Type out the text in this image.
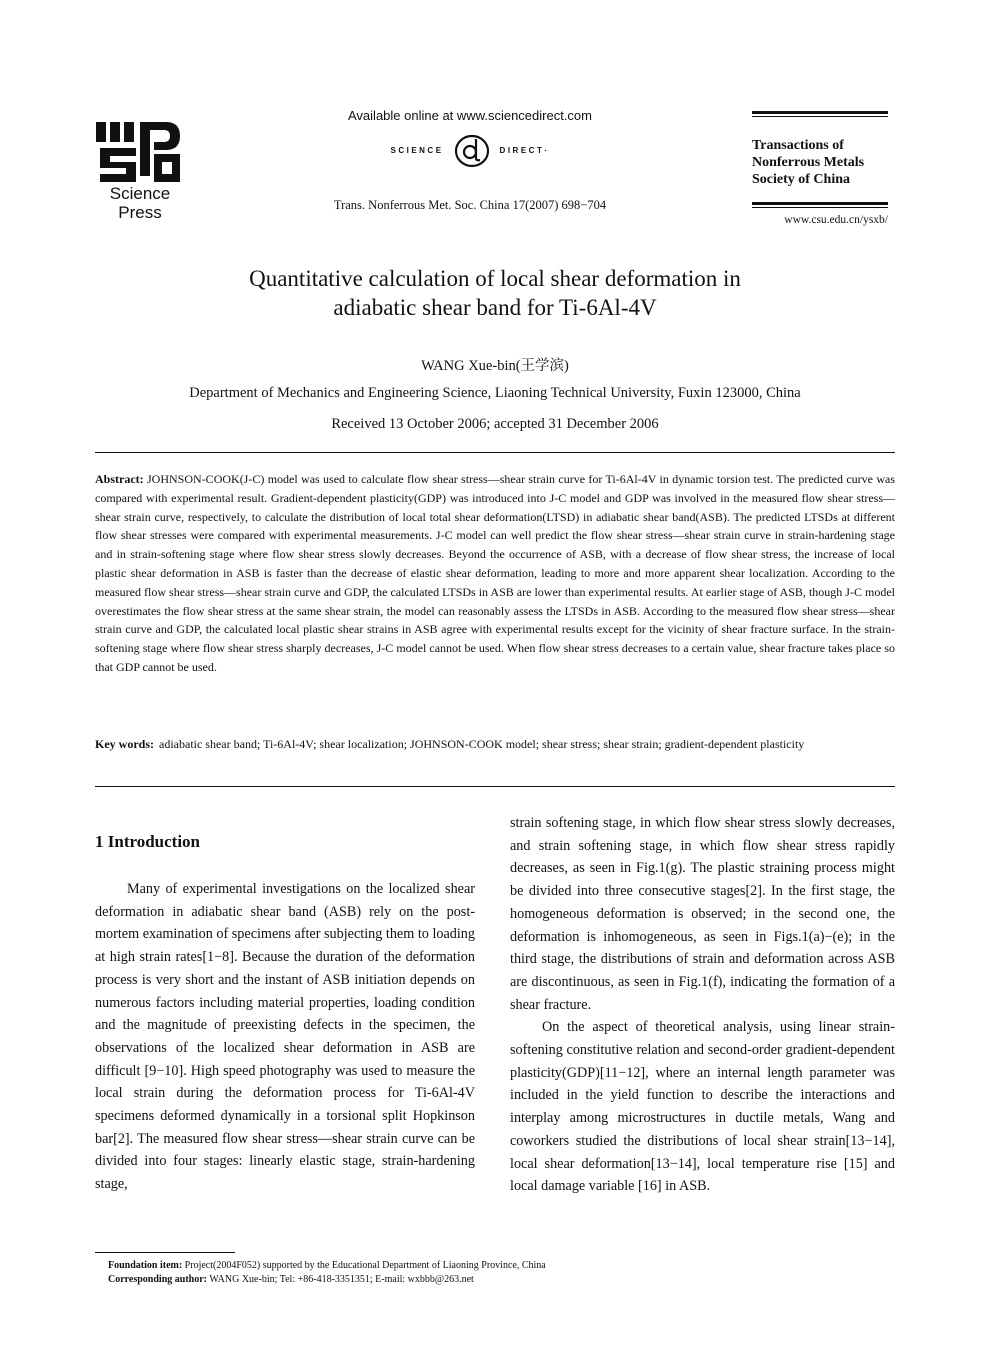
Science
Press
Available online at www.sciencedirect.com
SCIENCE	DIRECT·
Trans. Nonferrous Met. Soc. China 17(2007) 698−704
Transactions of
Nonferrous Metals
Society of China
www.csu.edu.cn/ysxb/
Quantitative calculation of local shear deformation in
adiabatic shear band for Ti-6Al-4V
WANG Xue-bin(王学滨)
Department of Mechanics and Engineering Science, Liaoning Technical University, Fuxin 123000, China
Received 13 October 2006; accepted 31 December 2006
Abstract: JOHNSON-COOK(J-C) model was used to calculate flow shear stress—shear strain curve for Ti-6Al-4V in dynamic torsion test. The predicted curve was compared with experimental result. Gradient-dependent plasticity(GDP) was introduced into J-C model and GDP was involved in the measured flow shear stress—shear strain curve, respectively, to calculate the distribution of local total shear deformation(LTSD) in adiabatic shear band(ASB). The predicted LTSDs at different flow shear stresses were compared with experimental measurements. J-C model can well predict the flow shear stress—shear strain curve in strain-hardening stage and in strain-softening stage where flow shear stress slowly decreases. Beyond the occurrence of ASB, with a decrease of flow shear stress, the increase of local plastic shear deformation in ASB is faster than the decrease of elastic shear deformation, leading to more and more apparent shear localization. According to the measured flow shear stress—shear strain curve and GDP, the calculated LTSDs in ASB are lower than experimental results. At earlier stage of ASB, though J-C model overestimates the flow shear stress at the same shear strain, the model can reasonably assess the LTSDs in ASB. According to the measured flow shear stress—shear strain curve and GDP, the calculated local plastic shear strains in ASB agree with experimental results except for the vicinity of shear fracture surface. In the strain-softening stage where flow shear stress sharply decreases, J-C model cannot be used. When flow shear stress decreases to a certain value, shear fracture takes place so that GDP cannot be used.
Key words: adiabatic shear band; Ti-6Al-4V; shear localization; JOHNSON-COOK model; shear stress; shear strain; gradient-dependent plasticity
1 Introduction

Many of experimental investigations on the localized shear deformation in adiabatic shear band (ASB) rely on the post-mortem examination of specimens after subjecting them to loading at high strain rates[1−8]. Because the duration of the deformation process is very short and the instant of ASB initiation depends on numerous factors including material properties, loading condition and the magnitude of preexisting defects in the specimen, the observations of the localized shear deformation in ASB are difficult [9−10]. High speed photography was used to measure the local strain during the deformation process for Ti-6Al-4V specimens deformed dynamically in a torsional split Hopkinson bar[2]. The measured flow shear stress—shear strain curve can be divided into four stages: linearly elastic stage, strain-hardening stage,

strain softening stage, in which flow shear stress slowly decreases, and strain softening stage, in which flow shear stress rapidly decreases, as seen in Fig.1(g). The plastic straining process might be divided into three consecutive stages[2]. In the first stage, the homogeneous deformation is observed; in the second one, the deformation is inhomogeneous, as seen in Figs.1(a)−(e); in the third stage, the distributions of strain and deformation across ASB are discontinuous, as seen in Fig.1(f), indicating the formation of a shear fracture.

On the aspect of theoretical analysis, using linear strain-softening constitutive relation and second-order gradient-dependent plasticity(GDP)[11−12], where an internal length parameter was included in the yield function to describe the interactions and interplay among microstructures in ductile metals, Wang and coworkers studied the distributions of local shear strain[13−14], local shear deformation[13−14], local temperature rise [15] and local damage variable [16] in ASB.

Foundation item: Project(2004F052) supported by the Educational Department of Liaoning Province, China
Corresponding author: WANG Xue-bin; Tel: +86-418-3351351; E-mail: wxbbb@263.net
